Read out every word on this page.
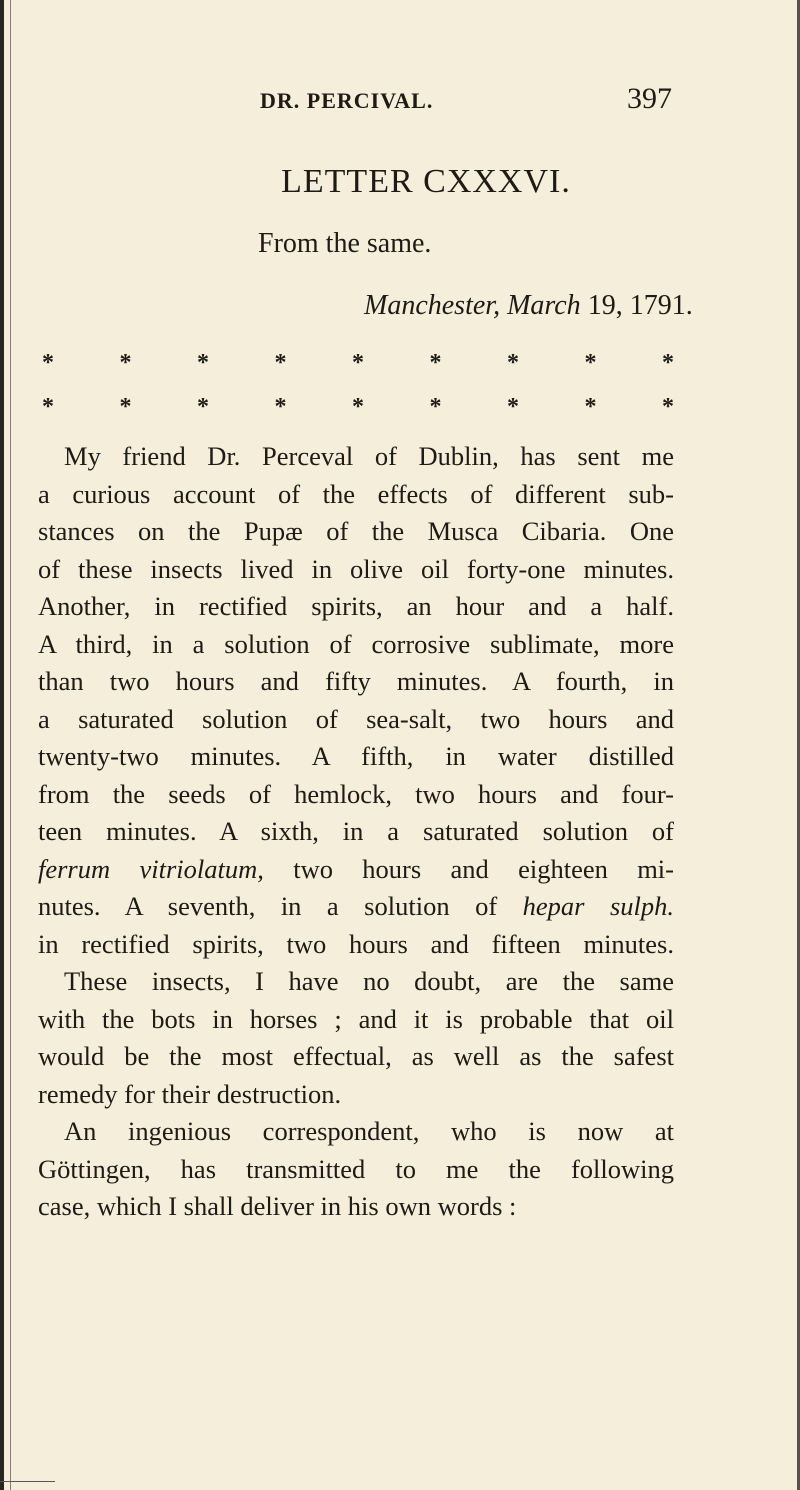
DR. PERCIVAL.	397
LETTER CXXXVI.
From the same.
Manchester, March 19, 1791.
*	*	*	*	*	*	*	*	*
*	*	*	*	*	*	*	*	*
My friend Dr. Perceval of Dublin, has sent me
a curious account of the effects of different sub-
stances on the Pupæ of the Musca Cibaria. One
of these insects lived in olive oil forty-one minutes.
Another, in rectified spirits, an hour and a half.
A third, in a solution of corrosive sublimate, more
than two hours and fifty minutes. A fourth, in
a saturated solution of sea-salt, two hours and
twenty-two minutes. A fifth, in water distilled
from the seeds of hemlock, two hours and four-
teen minutes. A sixth, in a saturated solution of
ferrum vitriolatum, two hours and eighteen mi-
nutes. A seventh, in a solution of hepar sulph.
in rectified spirits, two hours and fifteen minutes.
These insects, I have no doubt, are the same
with the bots in horses ; and it is probable that oil
would be the most effectual, as well as the safest
remedy for their destruction.
An ingenious correspondent, who is now at
Göttingen, has transmitted to me the following
case, which I shall deliver in his own words :
